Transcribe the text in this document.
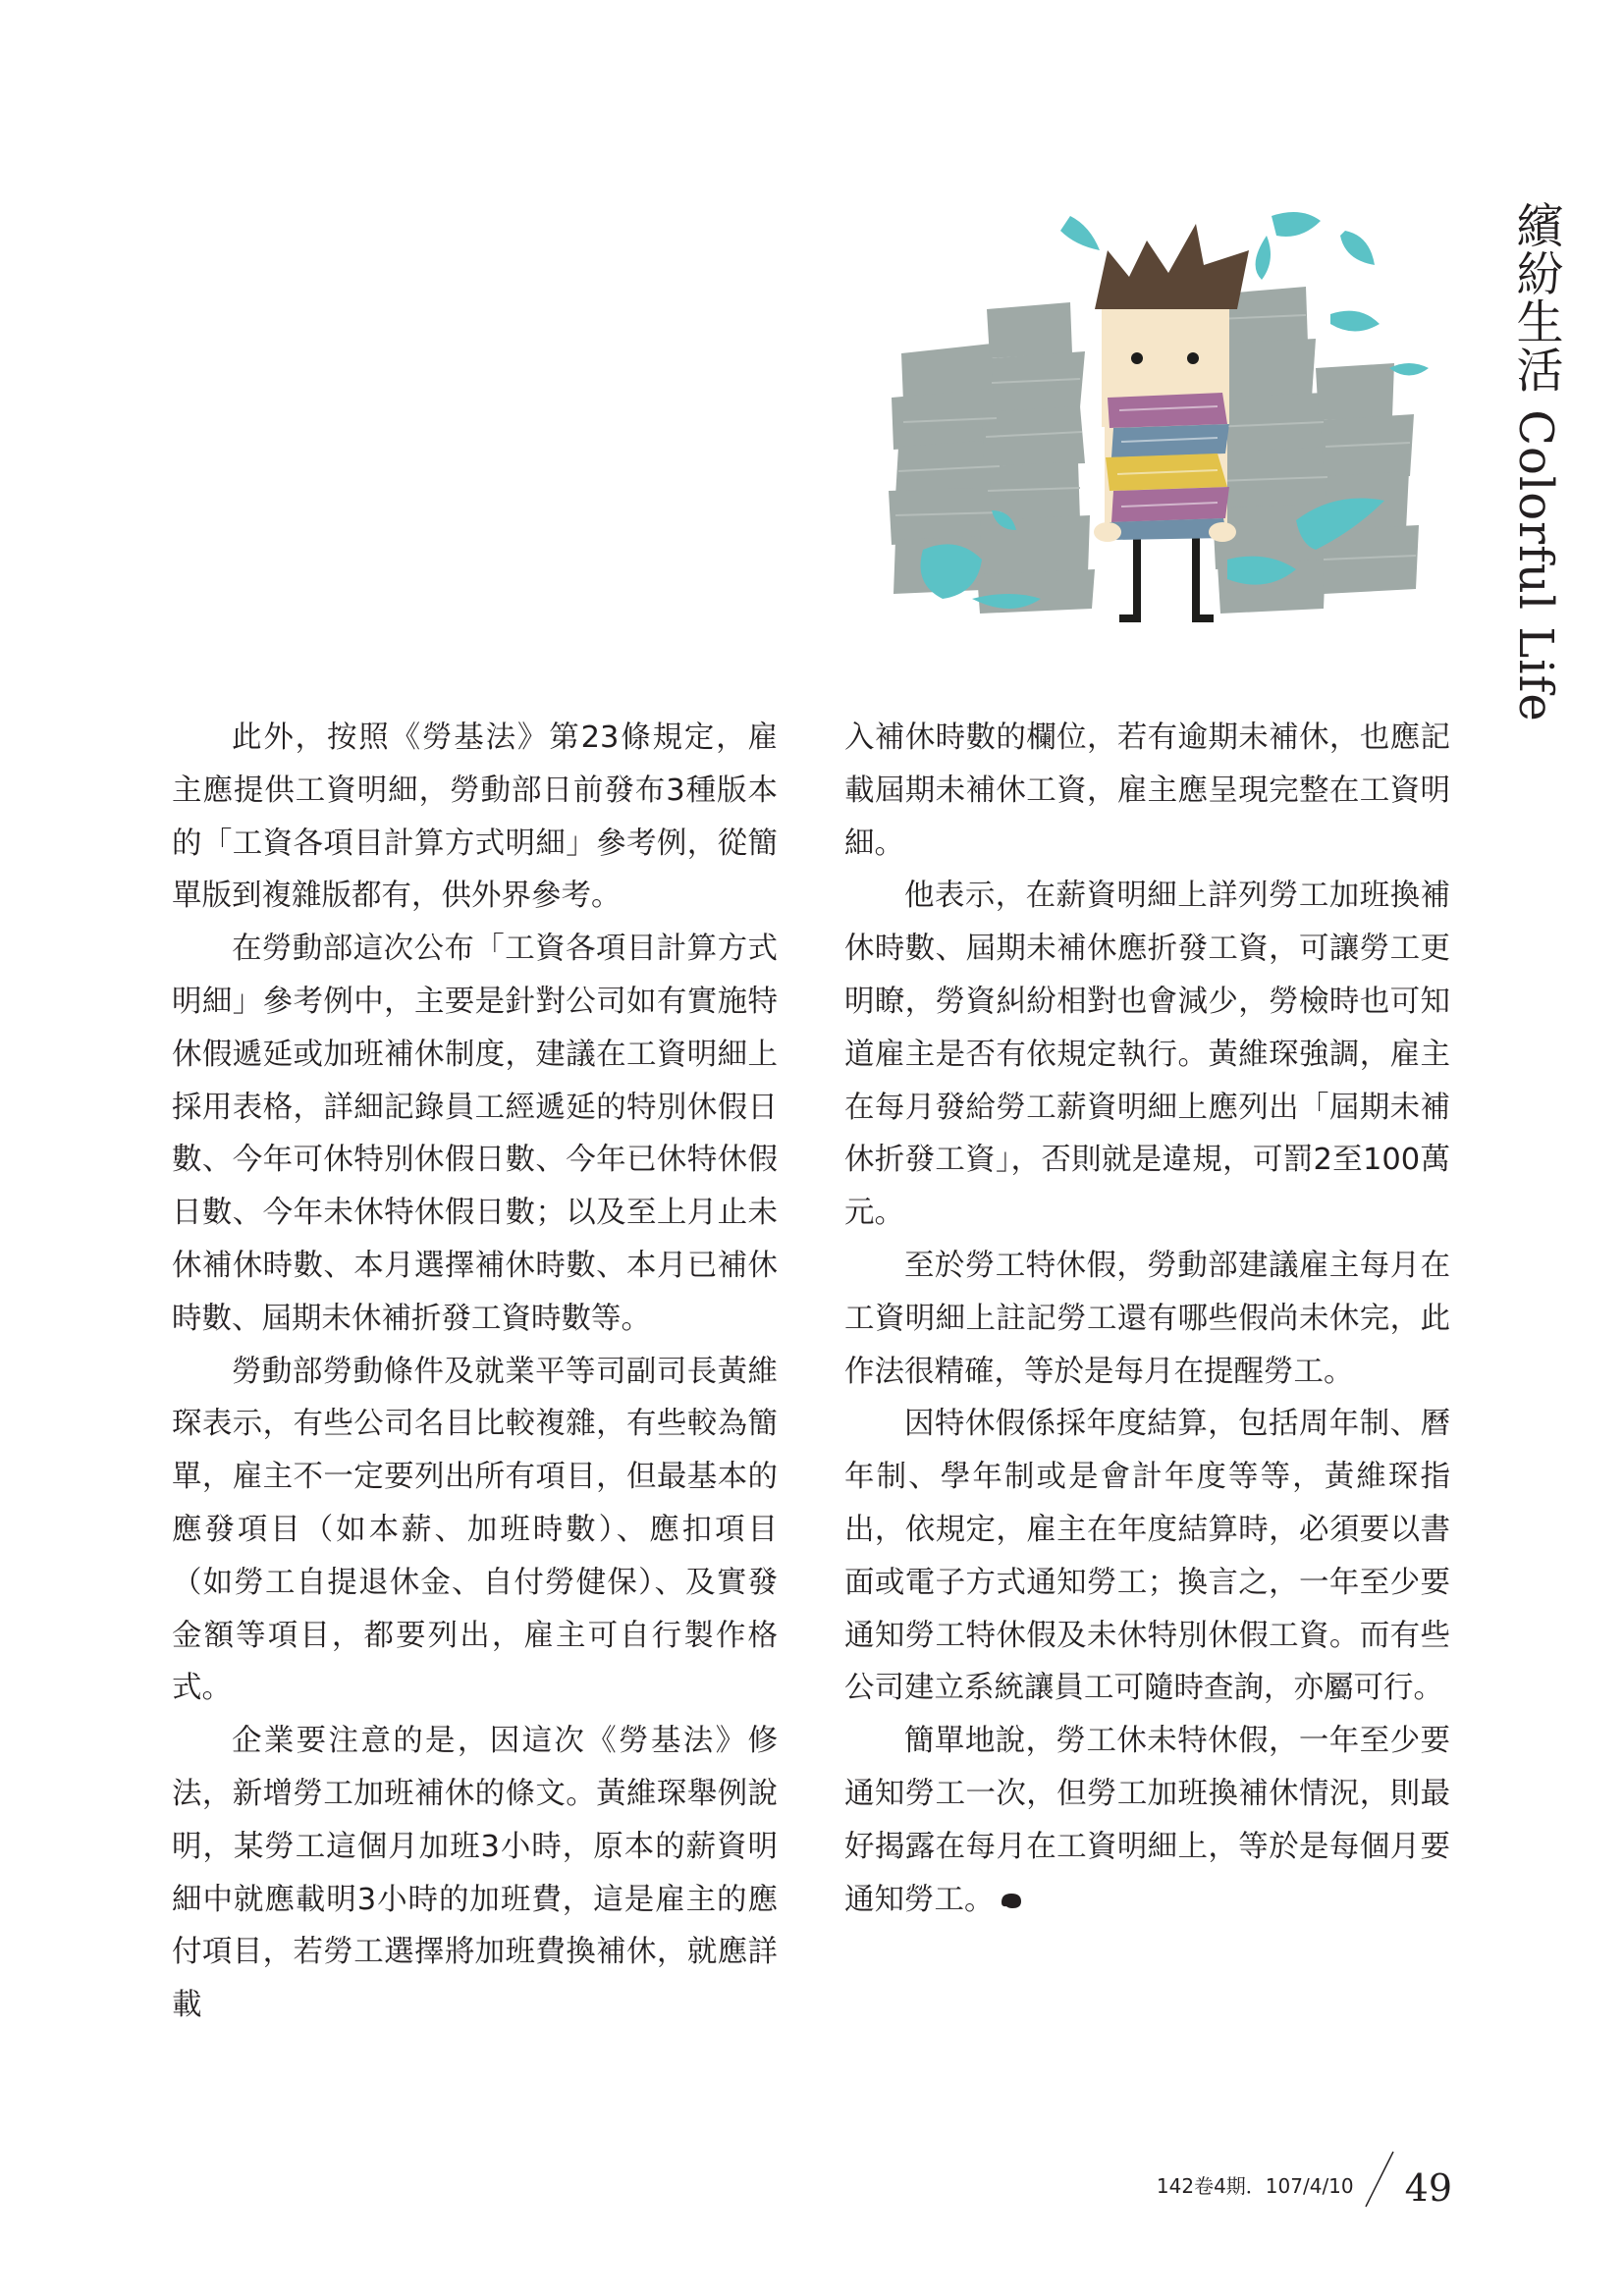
繽紛生活 Colorful Life

此外，按照《勞基法》第23條規定，雇主應提供工資明細，勞動部日前發布3種版本的「工資各項目計算方式明細」參考例，從簡單版到複雜版都有，供外界參考。

在勞動部這次公布「工資各項目計算方式明細」參考例中，主要是針對公司如有實施特休假遞延或加班補休制度，建議在工資明細上採用表格，詳細記錄員工經遞延的特別休假日數、今年可休特別休假日數、今年已休特休假日數、今年未休特休假日數；以及至上月止未休補休時數、本月選擇補休時數、本月已補休時數、屆期未休補折發工資時數等。

勞動部勞動條件及就業平等司副司長黃維琛表示，有些公司名目比較複雜，有些較為簡單，雇主不一定要列出所有項目，但最基本的應發項目（如本薪、加班時數）、應扣項目（如勞工自提退休金、自付勞健保）、及實發金額等項目，都要列出，雇主可自行製作格式。

企業要注意的是，因這次《勞基法》修法，新增勞工加班補休的條文。黃維琛舉例說明，某勞工這個月加班3小時，原本的薪資明細中就應載明3小時的加班費，這是雇主的應付項目，若勞工選擇將加班費換補休，就應詳載

入補休時數的欄位，若有逾期未補休，也應記載屆期未補休工資，雇主應呈現完整在工資明細。

他表示，在薪資明細上詳列勞工加班換補休時數、屆期未補休應折發工資，可讓勞工更明瞭，勞資糾紛相對也會減少，勞檢時也可知道雇主是否有依規定執行。黃維琛強調，雇主在每月發給勞工薪資明細上應列出「屆期未補休折發工資」，否則就是違規，可罰2至100萬元。

至於勞工特休假，勞動部建議雇主每月在工資明細上註記勞工還有哪些假尚未休完，此作法很精確，等於是每月在提醒勞工。

因特休假係採年度結算，包括周年制、曆年制、學年制或是會計年度等等，黃維琛指出，依規定，雇主在年度結算時，必須要以書面或電子方式通知勞工；換言之，一年至少要通知勞工特休假及未休特別休假工資。而有些公司建立系統讓員工可隨時查詢，亦屬可行。

簡單地說，勞工休未特休假，一年至少要通知勞工一次，但勞工加班換補休情況，則最好揭露在每月在工資明細上，等於是每個月要通知勞工。

142卷4期．107/4/10 49
